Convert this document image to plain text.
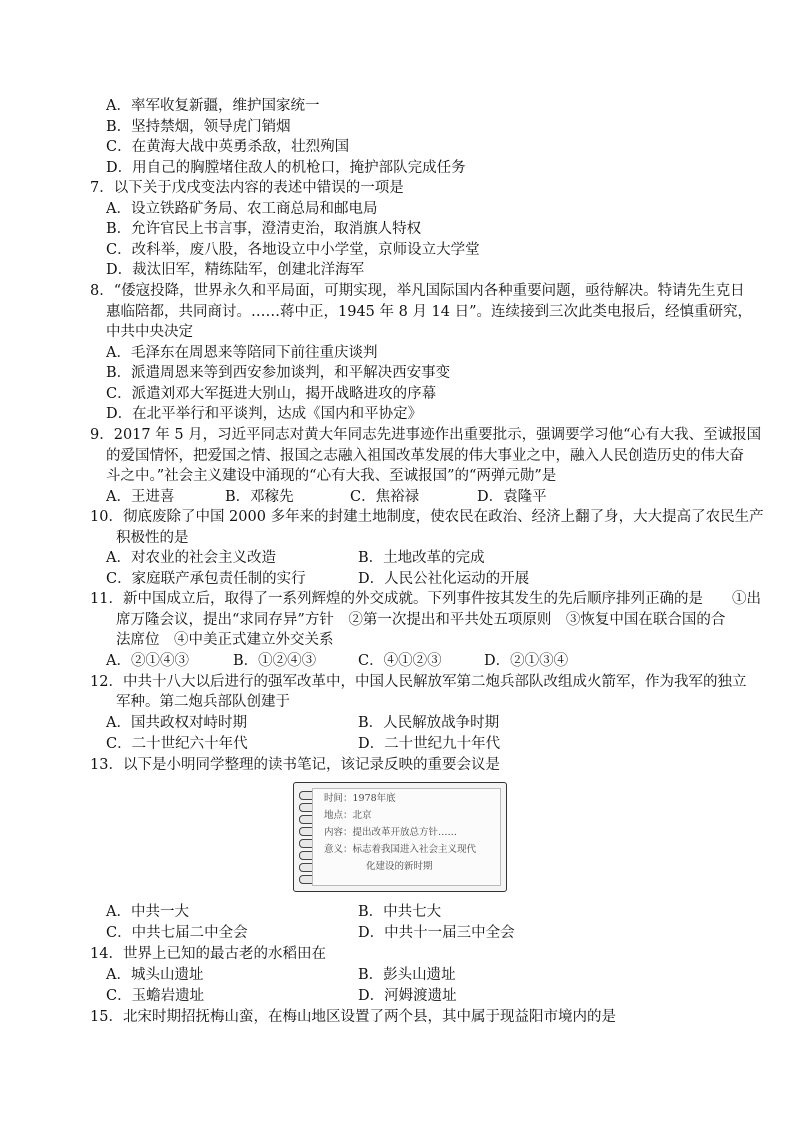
A．率军收复新疆，维护国家统一
B．坚持禁烟，领导虎门销烟
C．在黄海大战中英勇杀敌，壮烈殉国
D．用自己的胸膛堵住敌人的机枪口，掩护部队完成任务
7．以下关于戊戌变法内容的表述中错误的一项是
A．设立铁路矿务局、农工商总局和邮电局
B．允许官民上书言事，澄清吏治，取消旗人特权
C．改科举，废八股，各地设立中小学堂，京师设立大学堂
D．裁汰旧军，精练陆军，创建北洋海军
8．“倭寇投降，世界永久和平局面，可期实现，举凡国际国内各种重要问题，亟待解决。特请先生克日
惠临陪都，共同商讨。……蒋中正，1945 年 8 月 14 日”。连续接到三次此类电报后，经慎重研究，
中共中央决定
A．毛泽东在周恩来等陪同下前往重庆谈判
B．派遣周恩来等到西安参加谈判，和平解决西安事变
C．派遣刘邓大军挺进大别山，揭开战略进攻的序幕
D．在北平举行和平谈判，达成《国内和平协定》
9．2017 年 5 月，习近平同志对黄大年同志先进事迹作出重要批示，强调要学习他“心有大我、至诚报国
的爱国情怀，把爱国之情、报国之志融入祖国改革发展的伟大事业之中，融入人民创造历史的伟大奋
斗之中。”社会主义建设中涌现的“心有大我、至诚报国”的“两弹元勋”是
A．王进喜	B．邓稼先	C．焦裕禄	D．袁隆平
10．彻底废除了中国 2000 多年来的封建土地制度，使农民在政治、经济上翻了身，大大提高了农民生产
积极性的是
A．对农业的社会主义改造	B．土地改革的完成
C．家庭联产承包责任制的实行	D．人民公社化运动的开展
11．新中国成立后，取得了一系列辉煌的外交成就。下列事件按其发生的先后顺序排列正确的是　　①出
席万隆会议，提出“求同存异”方针　②第一次提出和平共处五项原则　③恢复中国在联合国的合
法席位　④中美正式建立外交关系
A．②①④③	B．①②④③	C．④①②③	D．②①③④
12．中共十八大以后进行的强军改革中，中国人民解放军第二炮兵部队改组成火箭军，作为我军的独立
军种。第二炮兵部队创建于
A．国共政权对峙时期	B．人民解放战争时期
C．二十世纪六十年代	D．二十世纪九十年代
13．以下是小明同学整理的读书笔记，该记录反映的重要会议是
时间：1978年底
地点：北京
内容：提出改革开放总方针……
意义：标志着我国进入社会主义现代
化建设的新时期
A．中共一大	B．中共七大
C．中共七届二中全会	D．中共十一届三中全会
14．世界上已知的最古老的水稻田在
A．城头山遗址	B．彭头山遗址
C．玉蟾岩遗址	D．河姆渡遗址
15．北宋时期招抚梅山蛮，在梅山地区设置了两个县，其中属于现益阳市境内的是
